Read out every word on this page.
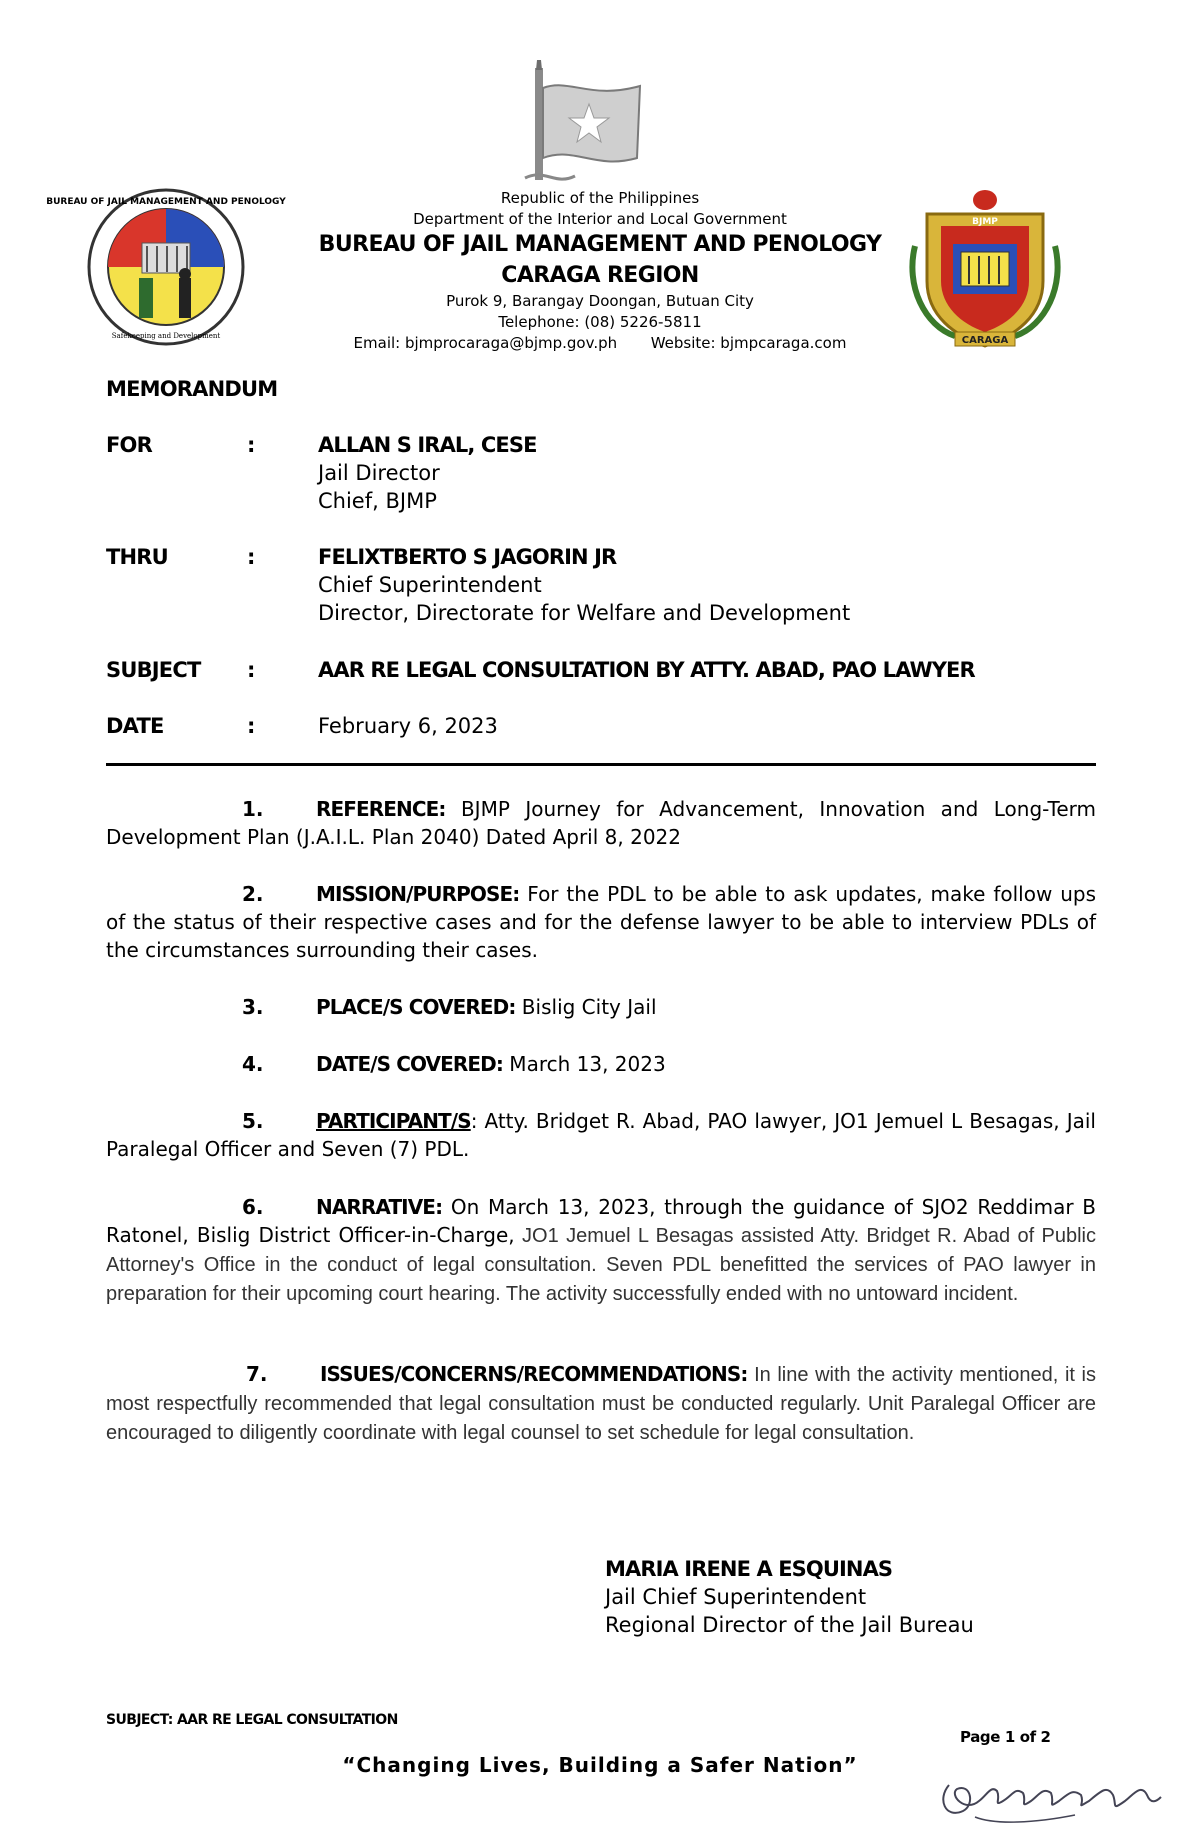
BUREAU OF JAIL MANAGEMENT AND PENOLOGY
Safekeeping and Development
BJMP
CARAGA
Republic of the Philippines
Department of the Interior and Local Government
BUREAU OF JAIL MANAGEMENT AND PENOLOGY
CARAGA REGION
Purok 9, Barangay Doongan, Butuan City
Telephone: (08) 5226-5811
Email: bjmprocaraga@bjmp.gov.ph Website: bjmpcaraga.com
MEMORANDUM
FOR	:	ALLAN S IRAL, CESE
Jail Director
Chief, BJMP
THRU	:	FELIXTBERTO S JAGORIN JR
Chief Superintendent
Director, Directorate for Welfare and Development
SUBJECT :	AAR RE LEGAL CONSULTATION BY ATTY. ABAD, PAO LAWYER
DATE	:	February 6, 2023
1.	REFERENCE: BJMP Journey for Advancement, Innovation and Long-Term Development Plan (J.A.I.L. Plan 2040) Dated April 8, 2022
2.	MISSION/PURPOSE: For the PDL to be able to ask updates, make follow ups of the status of their respective cases and for the defense lawyer to be able to interview PDLs of the circumstances surrounding their cases.
3.	PLACE/S COVERED: Bislig City Jail
4.	DATE/S COVERED: March 13, 2023
5.	PARTICIPANT/S: Atty. Bridget R. Abad, PAO lawyer, JO1 Jemuel L Besagas, Jail Paralegal Officer and Seven (7) PDL.
6.	NARRATIVE: On March 13, 2023, through the guidance of SJO2 Reddimar B Ratonel, Bislig District Officer-in-Charge, JO1 Jemuel L Besagas assisted Atty. Bridget R. Abad of Public Attorney's Office in the conduct of legal consultation. Seven PDL benefitted the services of PAO lawyer in preparation for their upcoming court hearing. The activity successfully ended with no untoward incident.
7.	ISSUES/CONCERNS/RECOMMENDATIONS: In line with the activity mentioned, it is most respectfully recommended that legal consultation must be conducted regularly. Unit Paralegal Officer are encouraged to diligently coordinate with legal counsel to set schedule for legal consultation.
MARIA IRENE A ESQUINAS
Jail Chief Superintendent
Regional Director of the Jail Bureau
SUBJECT: AAR RE LEGAL CONSULTATION
Page 1 of 2
“Changing Lives, Building a Safer Nation”
